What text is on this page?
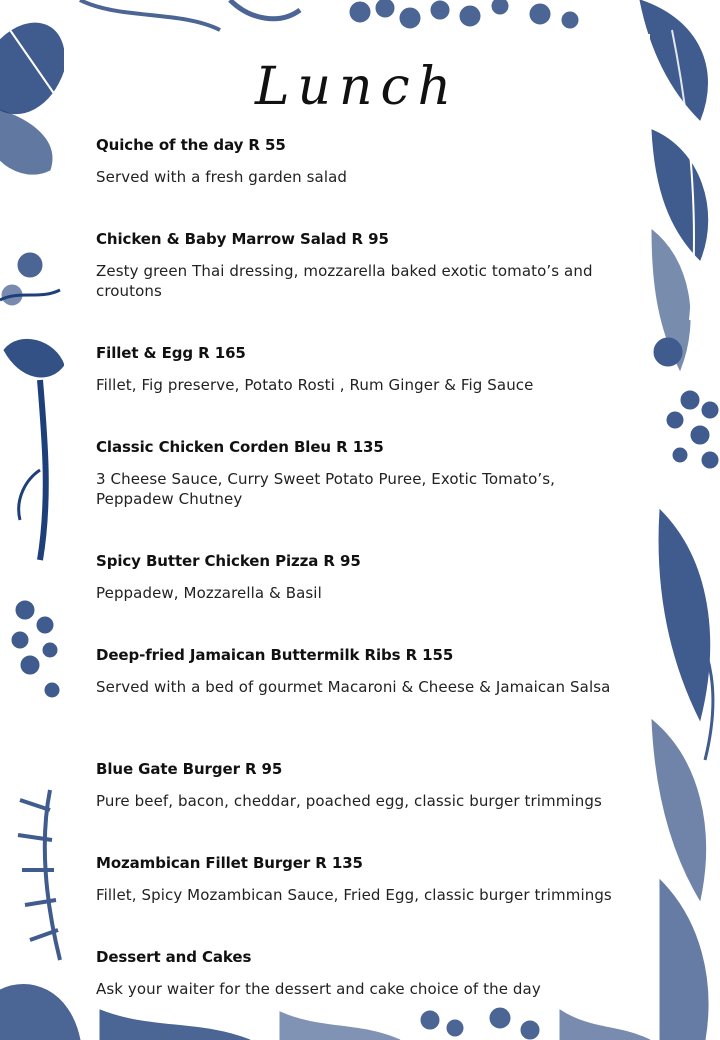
Lunch

Quiche of the day R 55

Served with a fresh garden salad

Chicken & Baby Marrow Salad R 95

Zesty green Thai dressing, mozzarella baked exotic tomato’s and croutons

Fillet & Egg R 165

Fillet, Fig preserve, Potato Rosti , Rum Ginger & Fig Sauce

Classic Chicken Corden Bleu R 135

3 Cheese Sauce, Curry Sweet Potato Puree, Exotic Tomato’s, Peppadew Chutney

Spicy Butter Chicken Pizza R 95

Peppadew, Mozzarella & Basil

Deep-fried Jamaican Buttermilk Ribs R 155

Served with a bed of gourmet Macaroni & Cheese & Jamaican Salsa

Blue Gate Burger R 95

Pure beef, bacon, cheddar, poached egg, classic burger trimmings

Mozambican Fillet Burger R 135

Fillet, Spicy Mozambican Sauce, Fried Egg, classic burger trimmings

Dessert and Cakes

Ask your waiter for the dessert and cake choice of the day
